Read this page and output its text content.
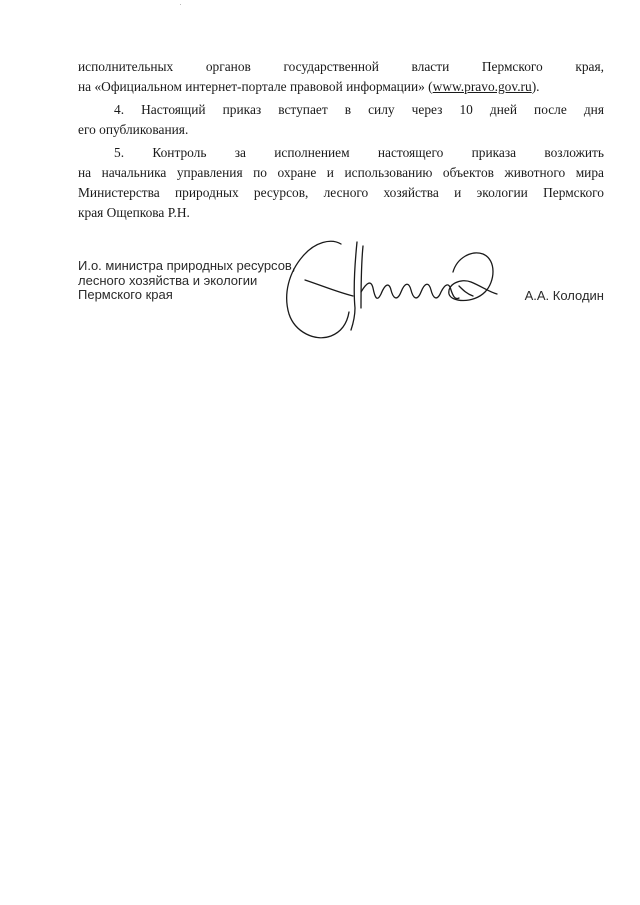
исполнительных органов государственной власти Пермского края,
на «Официальном интернет-портале правовой информации» (www.pravo.gov.ru).
4. Настоящий приказ вступает в силу через 10 дней после дня
его опубликования.
5. Контроль за исполнением настоящего приказа возложить
на начальника управления по охране и использованию объектов животного мира
Министерства природных ресурсов, лесного хозяйства и экологии Пермского
края Ощепкова Р.Н.
И.о. министра природных ресурсов,
лесного хозяйства и экологии
Пермского края	А.А. Колодин
